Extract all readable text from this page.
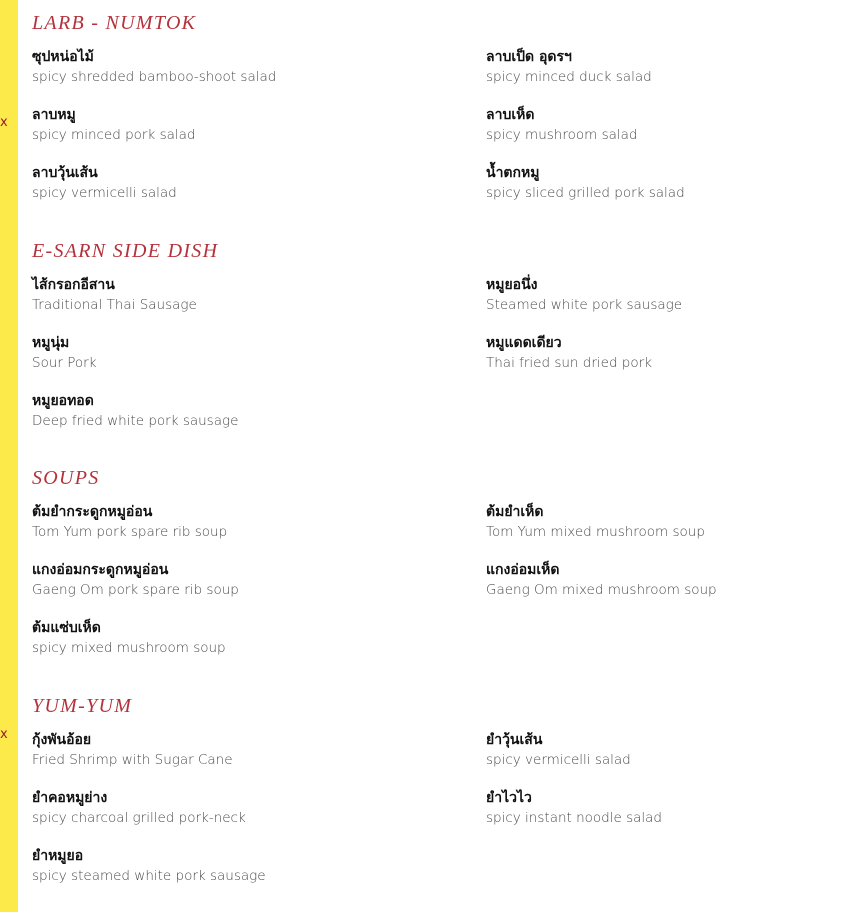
x
x
LARB - NUMTOK
ซุปหน่อไม้
spicy shredded bamboo-shoot salad
ลาบเป็ด อุดรฯ
spicy minced duck salad
ลาบหมู
spicy minced pork salad
ลาบเห็ด
spicy mushroom salad
ลาบวุ้นเส้น
spicy vermicelli salad
น้ำตกหมู
spicy sliced grilled pork salad
E-SARN SIDE DISH
ไส้กรอกอีสาน
Traditional Thai Sausage
หมูยอนึ่ง
Steamed white pork sausage
หมูนุ่ม
Sour Pork
หมูแดดเดียว
Thai fried sun dried pork
หมูยอทอด
Deep fried white pork sausage
SOUPS
ต้มยำกระดูกหมูอ่อน
Tom Yum pork spare rib soup
ต้มยำเห็ด
Tom Yum mixed mushroom soup
แกงอ่อมกระดูกหมูอ่อน
Gaeng Om pork spare rib soup
แกงอ่อมเห็ด
Gaeng Om mixed mushroom soup
ต้มแซ่บเห็ด
spicy mixed mushroom soup
YUM-YUM
กุ้งพันอ้อย
Fried Shrimp with Sugar Cane
ยำวุ้นเส้น
spicy vermicelli salad
ยำคอหมูย่าง
spicy charcoal grilled pork-neck
ยำไวไว
spicy instant noodle salad
ยำหมูยอ
spicy steamed white pork sausage
